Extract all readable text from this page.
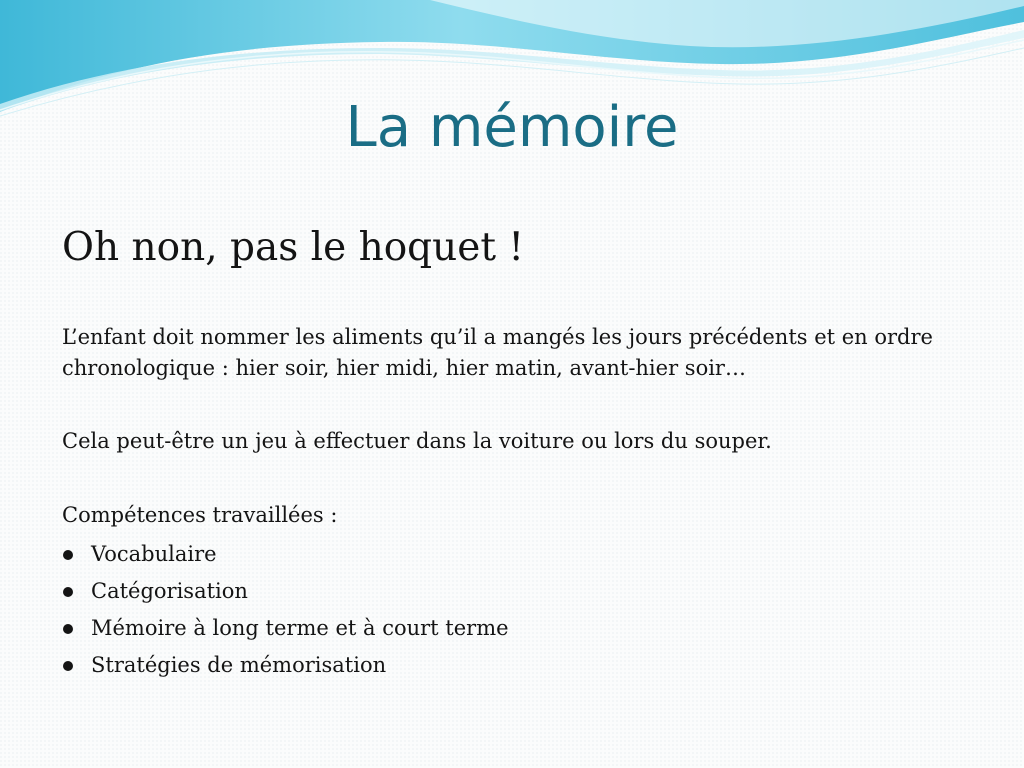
La mémoire
Oh non, pas le hoquet !

L’enfant doit nommer les aliments qu’il a mangés les jours précédents et en ordre chronologique : hier soir, hier midi, hier matin, avant-hier soir…

Cela peut-être un jeu à effectuer dans la voiture ou lors du souper.

Compétences travaillées :

Vocabulaire
Catégorisation
Mémoire à long terme et à court terme
Stratégies de mémorisation
